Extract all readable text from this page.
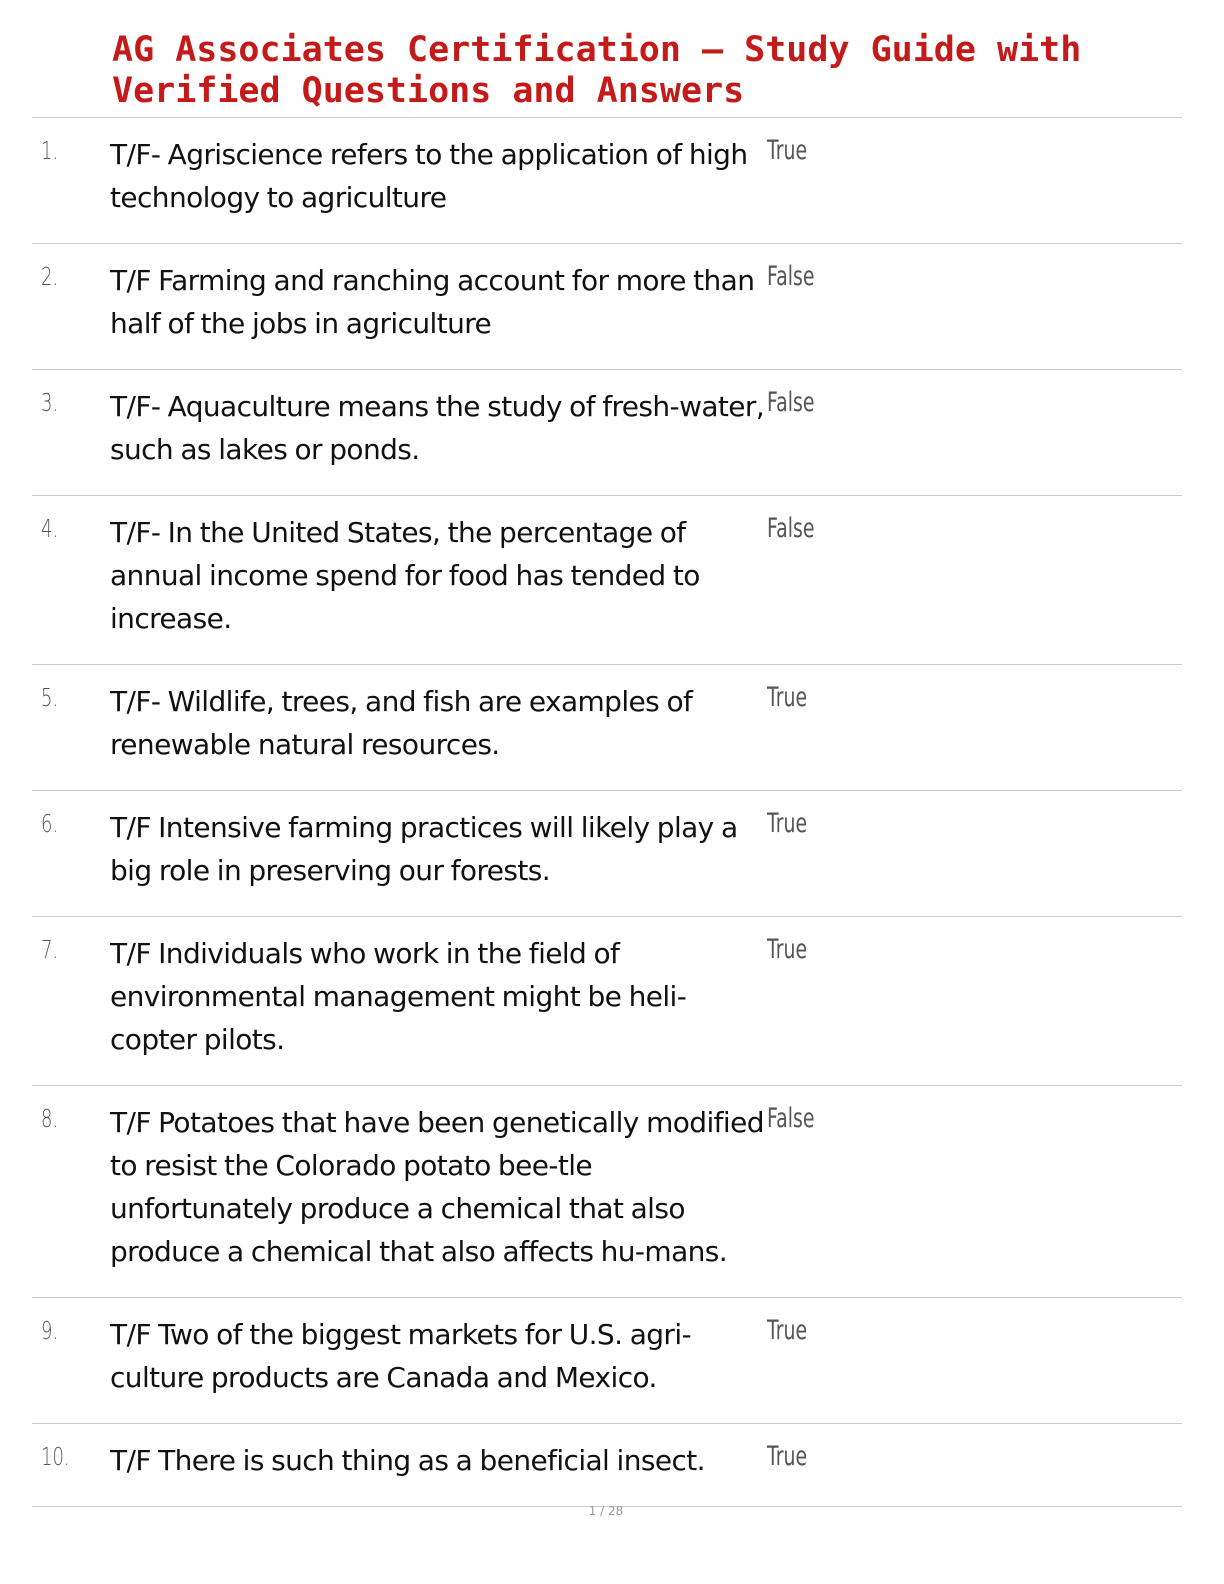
AG Associates Certification – Study Guide with Verified Questions and Answers
1. T/F- Agriscience refers to the application of high technology to agriculture
True
2. T/F Farming and ranching account for more than half of the jobs in agriculture
False
3. T/F- Aquaculture means the study of fresh-water, such as lakes or ponds.
False
4. T/F- In the United States, the percentage of annual income spend for food has tended to increase.
False
5. T/F- Wildlife, trees, and fish are examples of renewable natural resources.
True
6. T/F Intensive farming practices will likely play a big role in preserving our forests.
True
7. T/F Individuals who work in the field of environmental management might be heli-copter pilots.
True
8. T/F Potatoes that have been genetically modified to resist the Colorado potato bee-tle unfortunately produce a chemical that also produce a chemical that also affects hu-mans.
False
9. T/F Two of the biggest markets for U.S. agri-culture products are Canada and Mexico.
True
10. T/F There is such thing as a beneficial insect.	True
1 / 28
